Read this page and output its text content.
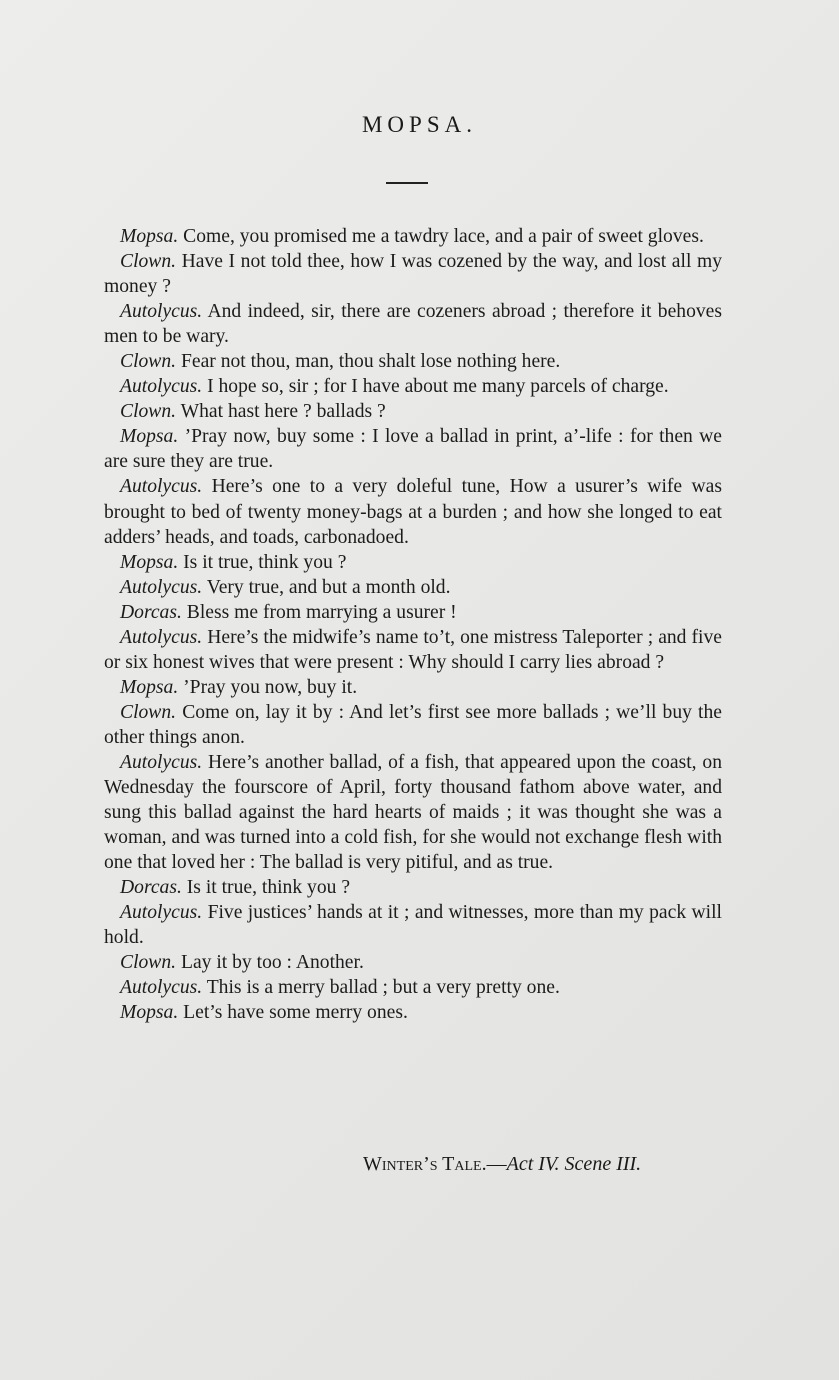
MOPSA.

Mopsa. Come, you promised me a tawdry lace, and a pair of sweet gloves.

Clown. Have I not told thee, how I was cozened by the way, and lost all my money ?

Autolycus. And indeed, sir, there are cozeners abroad ; therefore it behoves men to be wary.

Clown. Fear not thou, man, thou shalt lose nothing here.

Autolycus. I hope so, sir ; for I have about me many parcels of charge.

Clown. What hast here ? ballads ?

Mopsa. ’Pray now, buy some : I love a ballad in print, a’-life : for then we are sure they are true.

Autolycus. Here’s one to a very doleful tune, How a usurer’s wife was brought to bed of twenty money-bags at a burden ; and how she longed to eat adders’ heads, and toads, carbonadoed.

Mopsa. Is it true, think you ?

Autolycus. Very true, and but a month old.

Dorcas. Bless me from marrying a usurer !

Autolycus. Here’s the midwife’s name to’t, one mistress Taleporter ; and five or six honest wives that were present : Why should I carry lies abroad ?

Mopsa. ’Pray you now, buy it.

Clown. Come on, lay it by : And let’s first see more ballads ; we’ll buy the other things anon.

Autolycus. Here’s another ballad, of a fish, that appeared upon the coast, on Wednesday the fourscore of April, forty thousand fathom above water, and sung this ballad against the hard hearts of maids ; it was thought she was a woman, and was turned into a cold fish, for she would not exchange flesh with one that loved her : The ballad is very pitiful, and as true.

Dorcas. Is it true, think you ?

Autolycus. Five justices’ hands at it ; and witnesses, more than my pack will hold.

Clown. Lay it by too : Another.

Autolycus. This is a merry ballad ; but a very pretty one.

Mopsa. Let’s have some merry ones.

Winter’s Tale.—Act IV. Scene III.
